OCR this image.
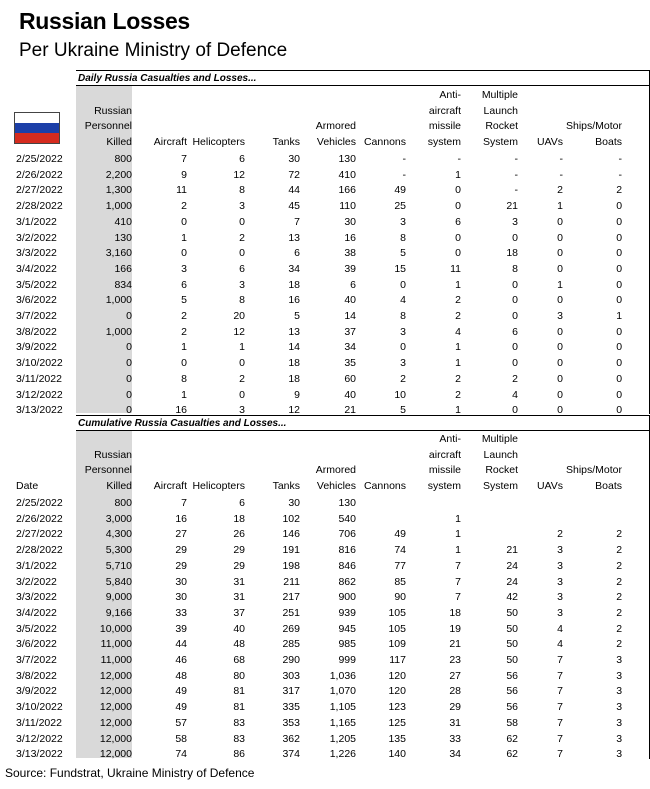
Russian Losses
Per Ukraine Ministry of Defence
Daily Russia Casualties and Losses...
Cumulative Russia Casualties and Losses...
	Russian Personnel Killed	Aircraft	Helicopters	Tanks	Armored Vehicles	Cannons	Anti-aircraft missile system	Multiple Launch Rocket System	UAVs	Ships/Motor Boats
2/25/2022	800	7	6	30	130	-	-	-	-	-
2/26/2022	2,200	9	12	72	410	-	1	-	-	-
2/27/2022	1,300	11	8	44	166	49	0	-	2	2
2/28/2022	1,000	2	3	45	110	25	0	21	1	0
3/1/2022	410	0	0	7	30	3	6	3	0	0
3/2/2022	130	1	2	13	16	8	0	0	0	0
3/3/2022	3,160	0	0	6	38	5	0	18	0	0
3/4/2022	166	3	6	34	39	15	11	8	0	0
3/5/2022	834	6	3	18	6	0	1	0	1	0
3/6/2022	1,000	5	8	16	40	4	2	0	0	0
3/7/2022	0	2	20	5	14	8	2	0	3	1
3/8/2022	1,000	2	12	13	37	3	4	6	0	0
3/9/2022	0	1	1	14	34	0	1	0	0	0
3/10/2022	0	0	0	18	35	3	1	0	0	0
3/11/2022	0	8	2	18	60	2	2	2	0	0
3/12/2022	0	1	0	9	40	10	2	4	0	0
3/13/2022	0	16	3	12	21	5	1	0	0	0
Date	Russian Personnel Killed	Aircraft	Helicopters	Tanks	Armored Vehicles	Cannons	Anti-aircraft missile system	Multiple Launch Rocket System	UAVs	Ships/Motor Boats
2/25/2022	800	7	6	30	130					
2/26/2022	3,000	16	18	102	540		1			
2/27/2022	4,300	27	26	146	706	49	1		2	2
2/28/2022	5,300	29	29	191	816	74	1	21	3	2
3/1/2022	5,710	29	29	198	846	77	7	24	3	2
3/2/2022	5,840	30	31	211	862	85	7	24	3	2
3/3/2022	9,000	30	31	217	900	90	7	42	3	2
3/4/2022	9,166	33	37	251	939	105	18	50	3	2
3/5/2022	10,000	39	40	269	945	105	19	50	4	2
3/6/2022	11,000	44	48	285	985	109	21	50	4	2
3/7/2022	11,000	46	68	290	999	117	23	50	7	3
3/8/2022	12,000	48	80	303	1,036	120	27	56	7	3
3/9/2022	12,000	49	81	317	1,070	120	28	56	7	3
3/10/2022	12,000	49	81	335	1,105	123	29	56	7	3
3/11/2022	12,000	57	83	353	1,165	125	31	58	7	3
3/12/2022	12,000	58	83	362	1,205	135	33	62	7	3
3/13/2022	12,000	74	86	374	1,226	140	34	62	7	3
Source: Fundstrat, Ukraine Ministry of Defence
